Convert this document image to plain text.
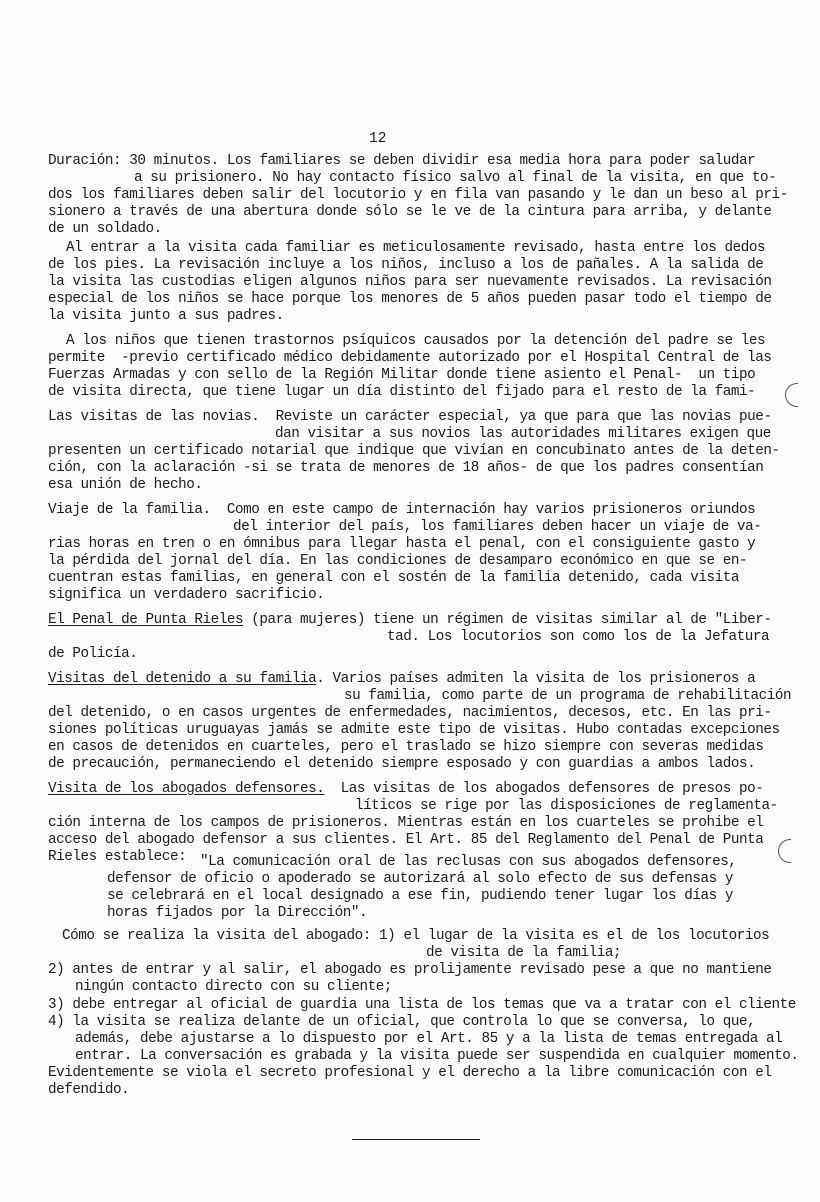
12
Duración: 30 minutos. Los familiares se deben dividir esa media hora para poder saludar
a su prisionero. No hay contacto físico salvo al final de la visita, en que to-
dos los familiares deben salir del locutorio y en fila van pasando y le dan un beso al pri-
sionero a través de una abertura donde sólo se le ve de la cintura para arriba, y delante
de un soldado.
Al entrar a la visita cada familiar es meticulosamente revisado, hasta entre los dedos
de los pies. La revisación incluye a los niños, incluso a los de pañales. A la salida de
la visita las custodias eligen algunos niños para ser nuevamente revisados. La revisación
especial de los niños se hace porque los menores de 5 años pueden pasar todo el tiempo de
la visita junto a sus padres.
A los niños que tienen trastornos psíquicos causados por la detención del padre se les
permite  -previo certificado médico debidamente autorizado por el Hospital Central de las
Fuerzas Armadas y con sello de la Región Militar donde tiene asiento el Penal-  un tipo
de visita directa, que tiene lugar un día distinto del fijado para el resto de la fami-
Las visitas de las novias.  Reviste un carácter especial, ya que para que las novias pue-
dan visitar a sus novios las autoridades militares exigen que
presenten un certificado notarial que indique que vivían en concubinato antes de la deten-
ción, con la aclaración -si se trata de menores de 18 años- de que los padres consentían
esa unión de hecho.
Viaje de la familia.  Como en este campo de internación hay varios prisioneros oriundos
del interior del país, los familiares deben hacer un viaje de va-
rias horas en tren o en ómnibus para llegar hasta el penal, con el consiguiente gasto y
la pérdida del jornal del día. En las condiciones de desamparo económico en que se en-
cuentran estas familias, en general con el sostén de la familia detenido, cada visita
significa un verdadero sacrificio.
El Penal de Punta Rieles (para mujeres) tiene un régimen de visitas similar al de "Liber-
tad. Los locutorios son como los de la Jefatura
de Policía.
Visitas del detenido a su familia. Varios países admiten la visita de los prisioneros a
su familia, como parte de un programa de rehabilitación
del detenido, o en casos urgentes de enfermedades, nacimientos, decesos, etc. En las pri-
siones políticas uruguayas jamás se admite este tipo de visitas. Hubo contadas excepciones
en casos de detenidos en cuarteles, pero el traslado se hizo siempre con severas medidas
de precaución, permaneciendo el detenido siempre esposado y con guardias a ambos lados.
Visita de los abogados defensores.  Las visitas de los abogados defensores de presos po-
líticos se rige por las disposiciones de reglamenta-
ción interna de los campos de prisioneros. Mientras están en los cuarteles se prohibe el
acceso del abogado defensor a sus clientes. El Art. 85 del Reglamento del Penal de Punta
Rieles establece: "La comunicación oral de las reclusas con sus abogados defensores,
defensor de oficio o apoderado se autorizará al solo efecto de sus defensas y
se celebrará en el local designado a ese fin, pudiendo tener lugar los días y
horas fijados por la Dirección".
Cómo se realiza la visita del abogado: 1) el lugar de la visita es el de los locutorios
de visita de la familia;
2) antes de entrar y al salir, el abogado es prolijamente revisado pese a que no mantiene
ningún contacto directo con su cliente;
3) debe entregar al oficial de guardia una lista de los temas que va a tratar con el cliente
4) la visita se realiza delante de un oficial, que controla lo que se conversa, lo que,
además, debe ajustarse a lo dispuesto por el Art. 85 y a la lista de temas entregada al
entrar. La conversación es grabada y la visita puede ser suspendida en cualquier momento.
Evidentemente se viola el secreto profesional y el derecho a la libre comunicación con el
defendido.
